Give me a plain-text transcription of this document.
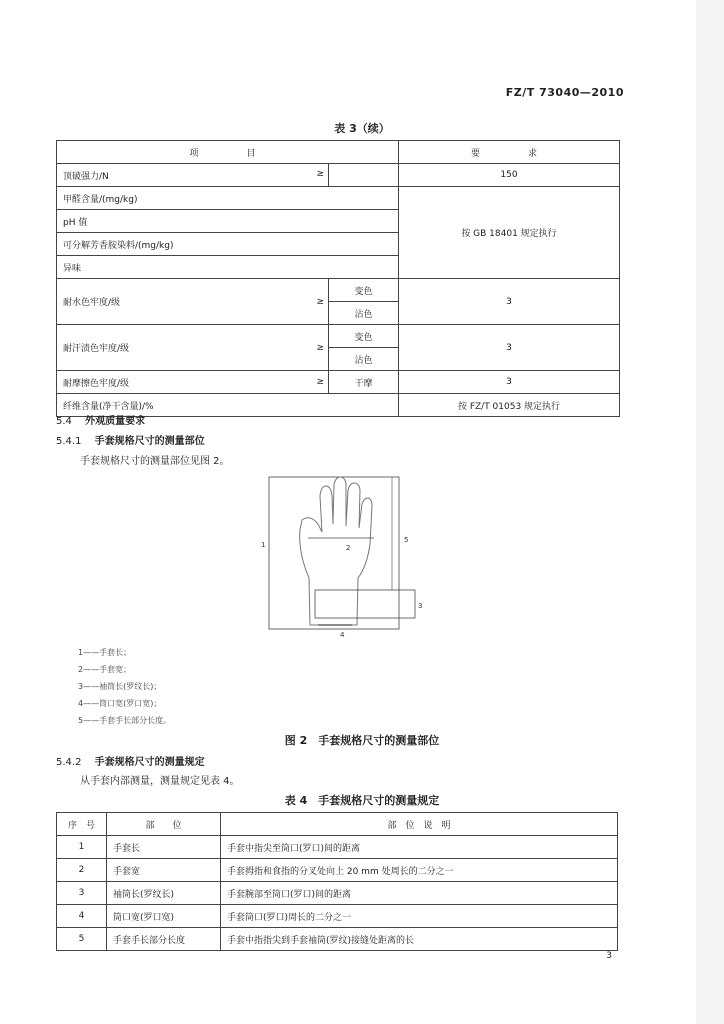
FZ/T 73040—2010
表 3（续）
项　　目			要　　求
顶破强力/N ≥			150
甲醛含量/(mg/kg)			按 GB 18401 规定执行
pH 值			
可分解芳香胺染料/(mg/kg)			
异味			
耐水色牢度/级	≥	变色	3
		沾色	
耐汗渍色牢度/级	≥	变色	3
		沾色	
耐摩擦色牢度/级	≥	干摩	3
纤维含量(净干含量)/%			按 FZ/T 01053 规定执行
5.4 外观质量要求
5.4.1 手套规格尺寸的测量部位
手套规格尺寸的测量部位见图 2。
1	2
3
4
5
1——手套长；
2——手套宽；
3——袖筒长(罗纹长)；
4——筒口宽(罗口宽)；
5——手套手长部分长度。
图 2　手套规格尺寸的测量部位
5.4.2 手套规格尺寸的测量规定
从手套内部测量，测量规定见表 4。
表 4　手套规格尺寸的测量规定
序　号	部　　位	部　位　说　明
1	手套长	手套中指尖至筒口(罗口)间的距离
2	手套宽	手套拇指和食指的分叉处向上 20 mm 处周长的二分之一
3	袖筒长(罗纹长)	手套腕部至筒口(罗口)间的距离
4	筒口宽(罗口宽)	手套筒口(罗口)周长的二分之一
5	手套手长部分长度	手套中指指尖到手套袖筒(罗纹)接缝处距离的长
3
